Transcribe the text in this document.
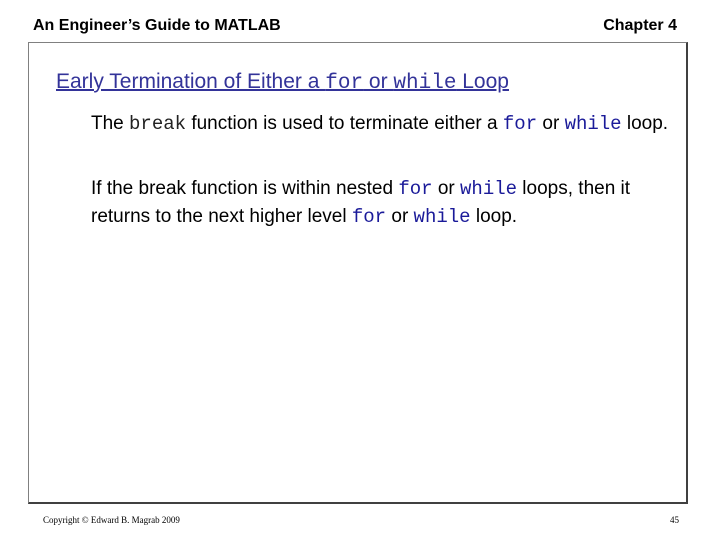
An Engineer’s Guide to MATLAB	Chapter 4
Early Termination of Either a for or while Loop
The break function is used to terminate either a for or while loop.
If the break function is within nested for or while loops, then it returns to the next higher level for or while loop.
Copyright © Edward B. Magrab 2009	45
